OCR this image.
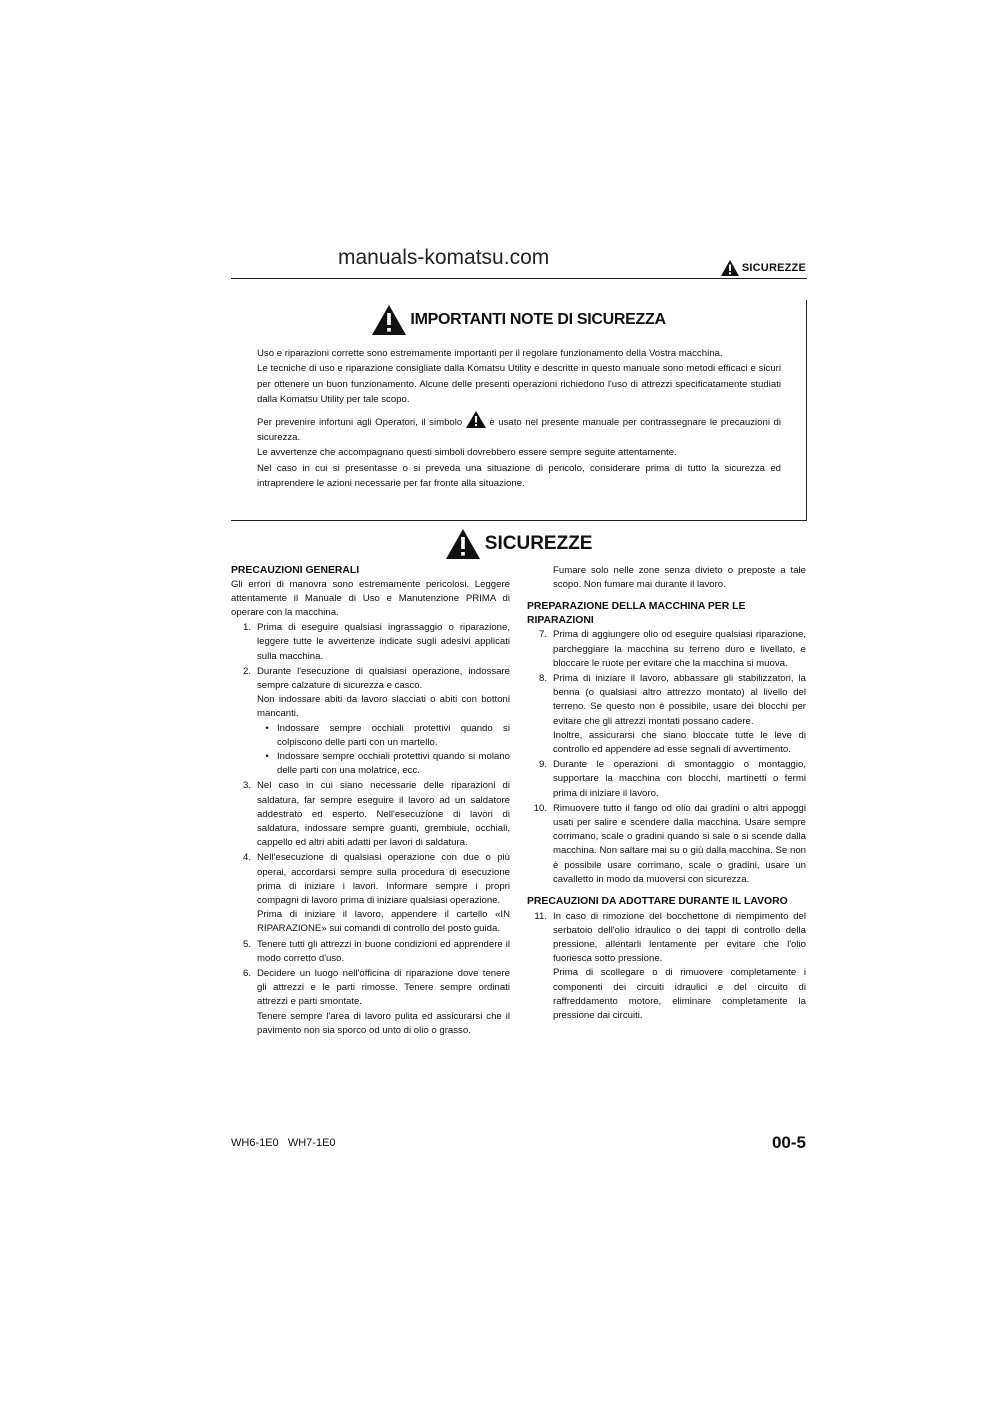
manuals-komatsu.com	SICUREZZE
IMPORTANTI NOTE DI SICUREZZA

Uso e riparazioni corrette sono estremamente importanti per il regolare funzionamento della Vostra macchina.

Le tecniche di uso e riparazione consigliate dalla Komatsu Utility e descritte in questo manuale sono metodi efficaci e sicuri per ottenere un buon funzionamento. Alcune delle presenti operazioni richiedono l'uso di attrezzi specificatamente studiati dalla Komatsu Utility per tale scopo.

Per prevenire infortuni agli Operatori, il simbolo	è usato nel presente manuale per contrassegnare le precauzioni di sicurezza.

Le avvertenze che accompagnano questi simboli dovrebbero essere sempre seguite attentamente.

Nel caso in cui si presentasse o si preveda una situazione di pericolo, considerare prima di tutto la sicurezza ed intraprendere le azioni necessarie per far fronte alla situazione.

SICUREZZE

PRECAUZIONI GENERALI

Gli errori di manovra sono estremamente pericolosi. Leggere attentamente il Manuale di Uso e Manutenzione PRIMA di operare con la macchina.

1. Prima di eseguire qualsiasi ingrassaggio o riparazione, leggere tutte le avvertenze indicate sugli adesivi applicati sulla macchina.

2. Durante l'esecuzione di qualsiasi operazione, indossare sempre calzature di sicurezza e casco.

Non indossare abiti da lavoro slacciati o abiti con bottoni mancanti.

• Indossare sempre occhiali protettivi quando si colpiscono delle parti con un martello.
• Indossare sempre occhiali protettivi quando si molano delle parti con una molatrice, ecc.
3. Nel caso in cui siano necessarie delle riparazioni di saldatura, far sempre eseguire il lavoro ad un saldatore addestrato ed esperto. Nell'esecuzione di lavori di saldatura, indossare sempre guanti, grembiule, occhiali, cappello ed altri abiti adatti per lavori di saldatura.

4. Nell'esecuzione di qualsiasi operazione con due o più operai, accordarsi sempre sulla procedura di esecuzione prima di iniziare i lavori. Informare sempre i propri compagni di lavoro prima di iniziare qualsiasi operazione.

Prima di iniziare il lavoro, appendere il cartello «IN RIPARAZIONE» sui comandi di controllo del posto guida.

5. Tenere tutti gli attrezzi in buone condizioni ed apprendere il modo corretto d'uso.

6. Decidere un luogo nell'officina di riparazione dove tenere gli attrezzi e le parti rimosse. Tenere sempre ordinati attrezzi e parti smontate.

Tenere sempre l'area di lavoro pulita ed assicurarsi che il pavimento non sia sporco od unto di olio o grasso.

Fumare solo nelle zone senza divieto o preposte a tale scopo. Non fumare mai durante il lavoro.

PREPARAZIONE DELLA MACCHINA PER LE RIPARAZIONI

7. Prima di aggiungere olio od eseguire qualsiasi riparazione, parcheggiare la macchina su terreno duro e livellato, e bloccare le ruote per evitare che la macchina si muova.

8. Prima di iniziare il lavoro, abbassare gli stabilizzatori, la benna (o qualsiasi altro attrezzo montato) al livello del terreno. Se questo non è possibile, usare dei blocchi per evitare che gli attrezzi montati possano cadere.

Inoltre, assicurarsi che siano bloccate tutte le leve di controllo ed appendere ad esse segnali di avvertimento.

9. Durante le operazioni di smontaggio o montaggio, supportare la macchina con blocchi, martinetti o fermi prima di iniziare il lavoro.

10. Rimuovere tutto il fango od olio dai gradini o altri appoggi usati per salire e scendere dalla macchina. Usare sempre corrimano, scale o gradini quando si sale o si scende dalla macchina. Non saltare mai su o giù dalla macchina. Se non è possibile usare corrimano, scale o gradini, usare un cavalletto in modo da muoversi con sicurezza.

PRECAUZIONI DA ADOTTARE DURANTE IL LAVORO

11. In caso di rimozione del bocchettone di riempimento del serbatoio dell'olio idraulico o dei tappi di controllo della pressione, allentarli lentamente per evitare che l'olio fuoriesca sotto pressione.

Prima di scollegare o di rimuovere completamente i componenti dei circuiti idraulici e del circuito di raffreddamento motore, eliminare completamente la pressione dai circuiti.

WH6-1E0   WH7-1E0	00-5
